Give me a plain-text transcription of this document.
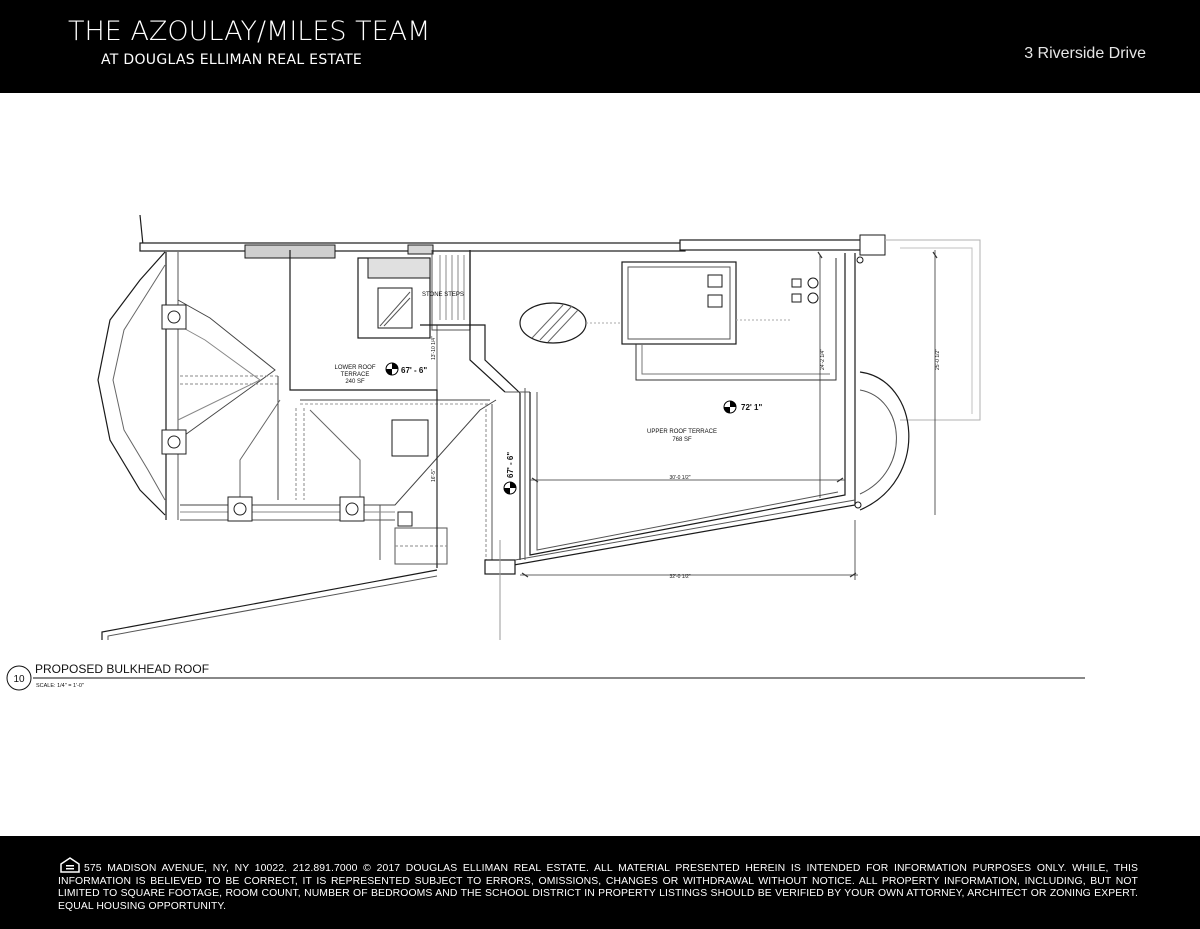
THE AZOULAY/MILES TEAM
AT DOUGLAS ELLIMAN REAL ESTATE	3 Riverside Drive
STONE STEPS
LOWER ROOF
TERRACE
240 SF
UPPER ROOF TERRACE
768 SF
67' - 6"
72' 1"
67' - 6"
13'-10 1/4"
16'-5"
24'-2 1/4"	25'-0 1/2"
30'-0 1/2"
32'-0 1/2"
10
PROPOSED BULKHEAD ROOF
SCALE: 1/4" = 1'-0"
575 MADISON AVENUE, NY, NY 10022. 212.891.7000 © 2017 DOUGLAS ELLIMAN REAL ESTATE. ALL MATERIAL PRESENTED HEREIN IS INTENDED FOR INFORMATION PURPOSES ONLY. WHILE, THIS INFORMATION IS BELIEVED TO BE CORRECT, IT IS REPRESENTED SUBJECT TO ERRORS, OMISSIONS, CHANGES OR WITHDRAWAL WITHOUT NOTICE. ALL PROPERTY INFORMATION, INCLUDING, BUT NOT LIMITED TO SQUARE FOOTAGE, ROOM COUNT, NUMBER OF BEDROOMS AND THE SCHOOL DISTRICT IN PROPERTY LISTINGS SHOULD BE VERIFIED BY YOUR OWN ATTORNEY, ARCHITECT OR ZONING EXPERT. EQUAL HOUSING OPPORTUNITY.
